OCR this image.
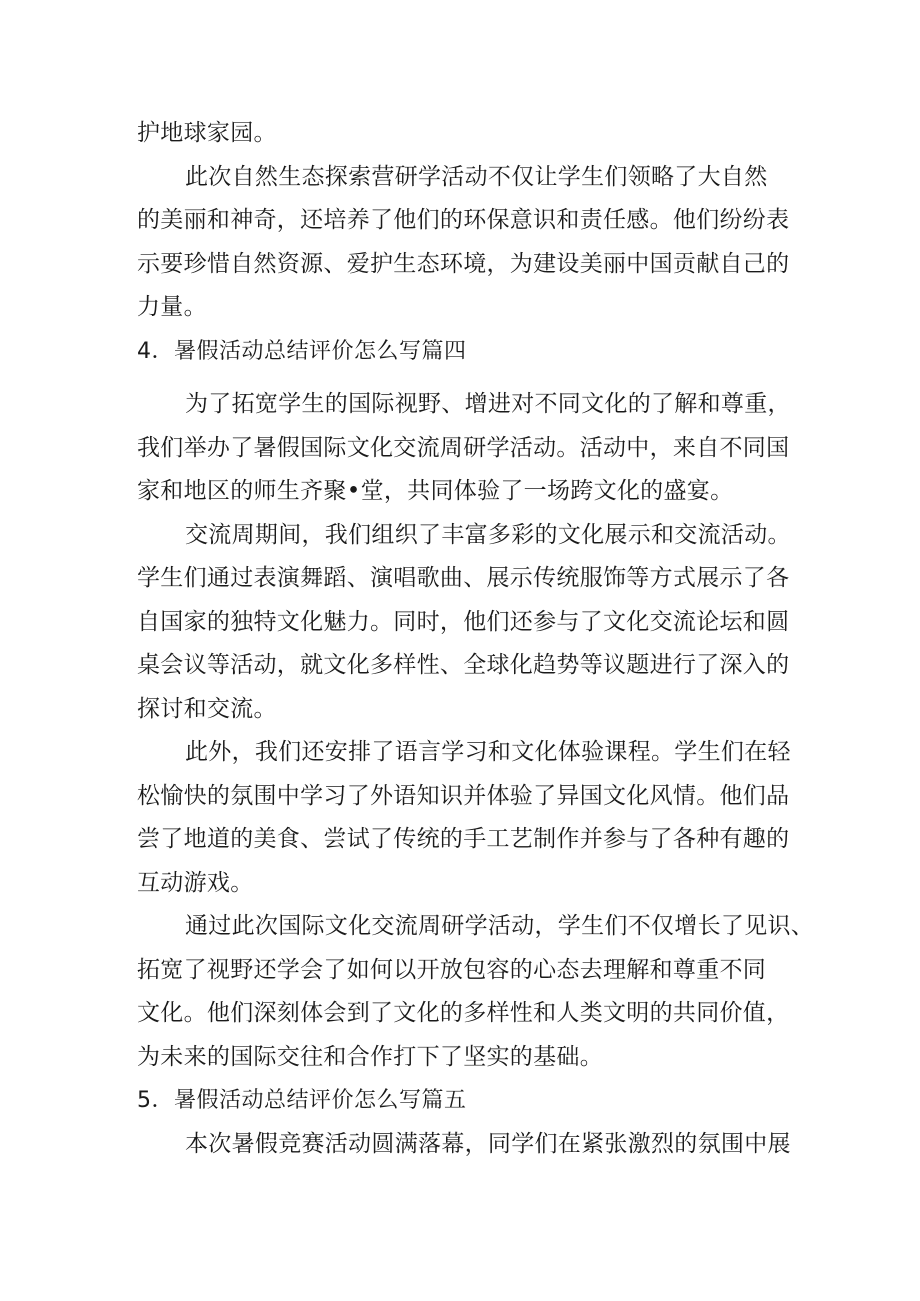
护地球家园。
此次自然生态探索营研学活动不仅让学生们领略了大自然
的美丽和神奇，还培养了他们的环保意识和责任感。他们纷纷表
示要珍惜自然资源、爱护生态环境，为建设美丽中国贡献自己的
力量。
4．暑假活动总结评价怎么写篇四
为了拓宽学生的国际视野、增进对不同文化的了解和尊重，
我们举办了暑假国际文化交流周研学活动。活动中，来自不同国
家和地区的师生齐聚•堂，共同体验了一场跨文化的盛宴。
交流周期间，我们组织了丰富多彩的文化展示和交流活动。
学生们通过表演舞蹈、演唱歌曲、展示传统服饰等方式展示了各
自国家的独特文化魅力。同时，他们还参与了文化交流论坛和圆
桌会议等活动，就文化多样性、全球化趋势等议题进行了深入的
探讨和交流。
此外，我们还安排了语言学习和文化体验课程。学生们在轻
松愉快的氛围中学习了外语知识并体验了异国文化风情。他们品
尝了地道的美食、尝试了传统的手工艺制作并参与了各种有趣的
互动游戏。
通过此次国际文化交流周研学活动，学生们不仅增长了见识、
拓宽了视野还学会了如何以开放包容的心态去理解和尊重不同
文化。他们深刻体会到了文化的多样性和人类文明的共同价值，
为未来的国际交往和合作打下了坚实的基础。
5．暑假活动总结评价怎么写篇五
本次暑假竞赛活动圆满落幕，同学们在紧张激烈的氛围中展
